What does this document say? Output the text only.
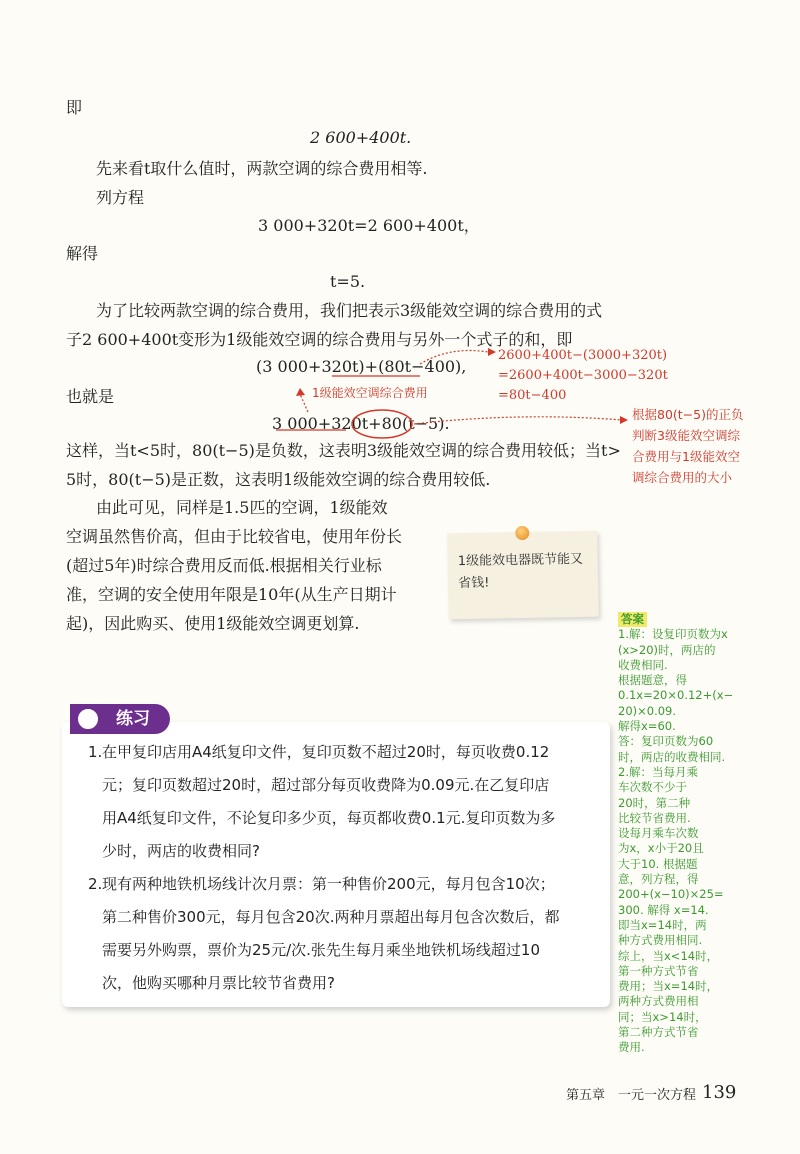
即
2 600+400t.
先来看t取什么值时，两款空调的综合费用相等.
列方程
3 000+320t=2 600+400t，
解得
t=5.
为了比较两款空调的综合费用，我们把表示3级能效空调的综合费用的式
子2 600+400t变形为1级能效空调的综合费用与另外一个式子的和，即
(3 000+320t)+(80t−400),
也就是
3 000+320t+80(t−5).
这样，当t<5时，80(t−5)是负数，这表明3级能效空调的综合费用较低；当t>
5时，80(t−5)是正数，这表明1级能效空调的综合费用较低.
由此可见，同样是1.5匹的空调，1级能效
空调虽然售价高，但由于比较省电，使用年份长
(超过5年)时综合费用反而低.根据相关行业标
准，空调的安全使用年限是10年(从生产日期计
起)，因此购买、使用1级能效空调更划算.
2600+400t−(3000+320t)
=2600+400t−3000−320t
=80t−400
1级能效空调综合费用
根据80(t−5)的正负判断3级能效空调综合费用与1级能效空调综合费用的大小
1级能效电器既节能又省钱!
答案
1.解：设复印页数为x
(x>20)时，两店的
收费相同.
根据题意，得
0.1x=20×0.12+(x−
20)×0.09.
解得x=60.
答：复印页数为60
时，两店的收费相同.
2.解：当每月乘
车次数不少于
20时，第二种
比较节省费用.
设每月乘车次数
为x，x小于20且
大于10. 根据题
意，列方程，得
200+(x−10)×25=
300. 解得 x=14.
即当x=14时，两
种方式费用相同.
综上，当x<14时，
第一种方式节省
费用；当x=14时，
两种方式费用相
同；当x>14时，
第二种方式节省
费用.
练习
1. 在甲复印店用A4纸复印文件，复印页数不超过20时，每页收费0.12
元；复印页数超过20时，超过部分每页收费降为0.09元.在乙复印店
用A4纸复印文件，不论复印多少页，每页都收费0.1元.复印页数为多
少时，两店的收费相同?
2. 现有两种地铁机场线计次月票：第一种售价200元，每月包含10次；
第二种售价300元，每月包含20次.两种月票超出每月包含次数后，都
需要另外购票，票价为25元/次.张先生每月乘坐地铁机场线超过10
次，他购买哪种月票比较节省费用?
第五章　一元一次方程 139
